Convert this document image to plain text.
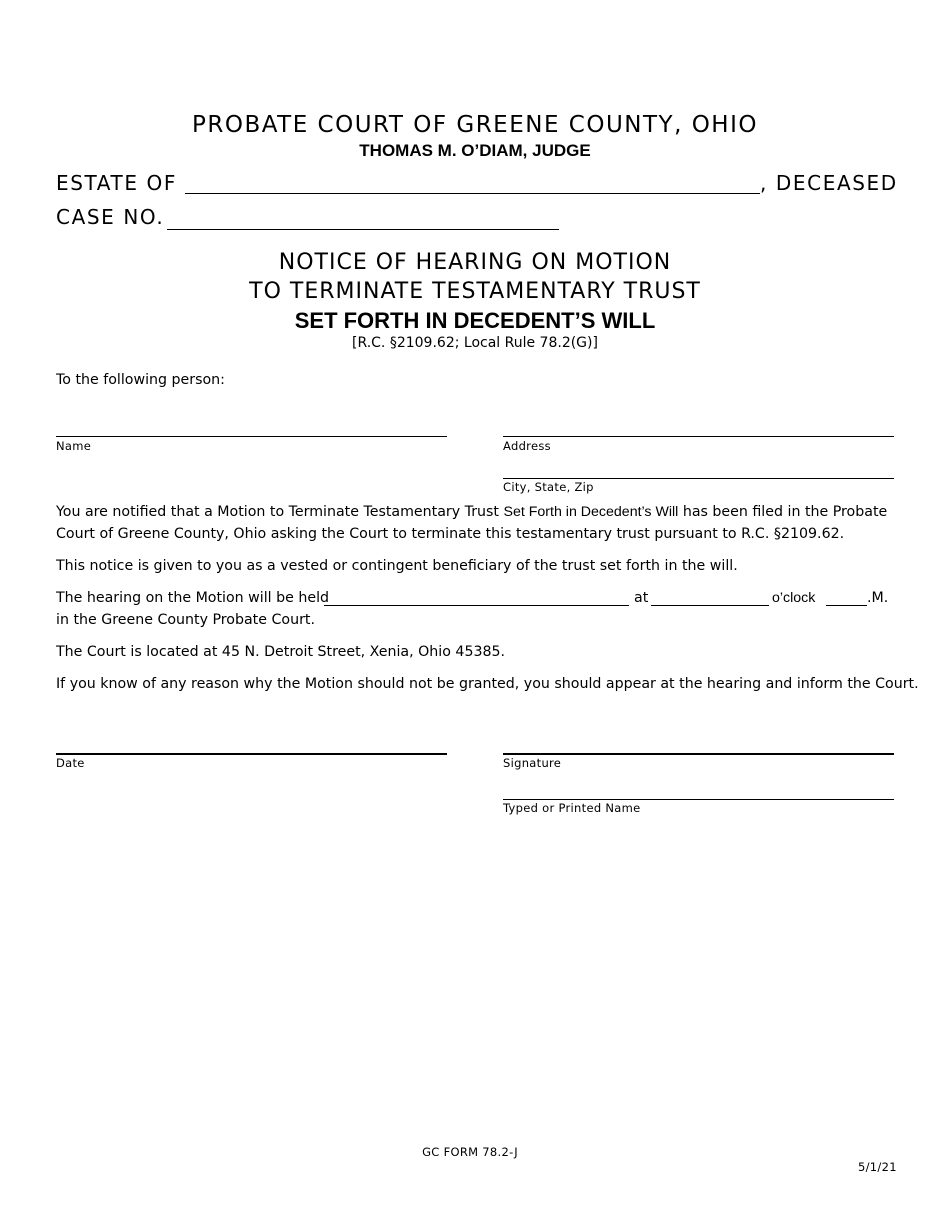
PROBATE COURT OF GREENE COUNTY, OHIO
THOMAS M. O’DIAM, JUDGE
ESTATE OF	, DECEASED
CASE NO.
NOTICE OF HEARING ON MOTION
TO TERMINATE TESTAMENTARY TRUST
SET FORTH IN DECEDENT’S WILL
[R.C. §2109.62; Local Rule 78.2(G)]
To the following person:
Name	Address
City, State, Zip
You are notified that a Motion to Terminate Testamentary Trust Set Forth in Decedent’s Will has been filed in the Probate
Court of Greene County, Ohio asking the Court to terminate this testamentary trust pursuant to R.C. §2109.62.
This notice is given to you as a vested or contingent beneficiary of the trust set forth in the will.
The hearing on the Motion will be held	at	o’clock	.M.
in the Greene County Probate Court.
The Court is located at 45 N. Detroit Street, Xenia, Ohio 45385.
If you know of any reason why the Motion should not be granted, you should appear at the hearing and inform the Court.
Date	Signature
Typed or Printed Name
GC FORM 78.2-J
5/1/21
